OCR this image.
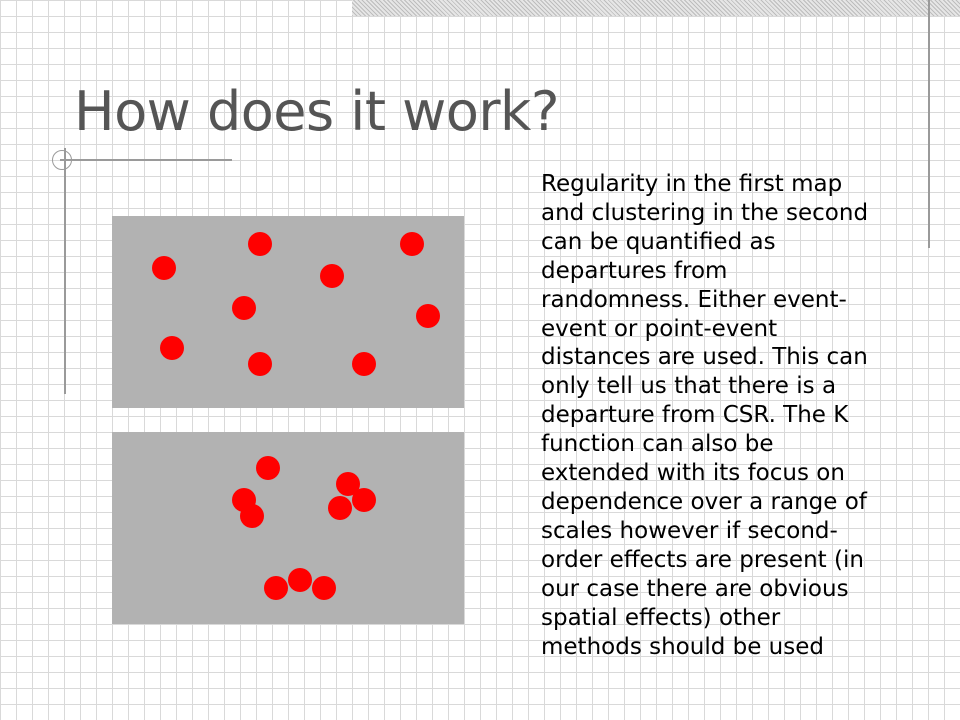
How does it work?

Regularity in the first map
and clustering in the second
can be quantified as
departures from
randomness. Either event-
event or point-event
distances are used. This can
only tell us that there is a
departure from CSR. The K
function can also be
extended with its focus on
dependence over a range of
scales however if second-
order effects are present (in
our case there are obvious
spatial effects) other
methods should be used
